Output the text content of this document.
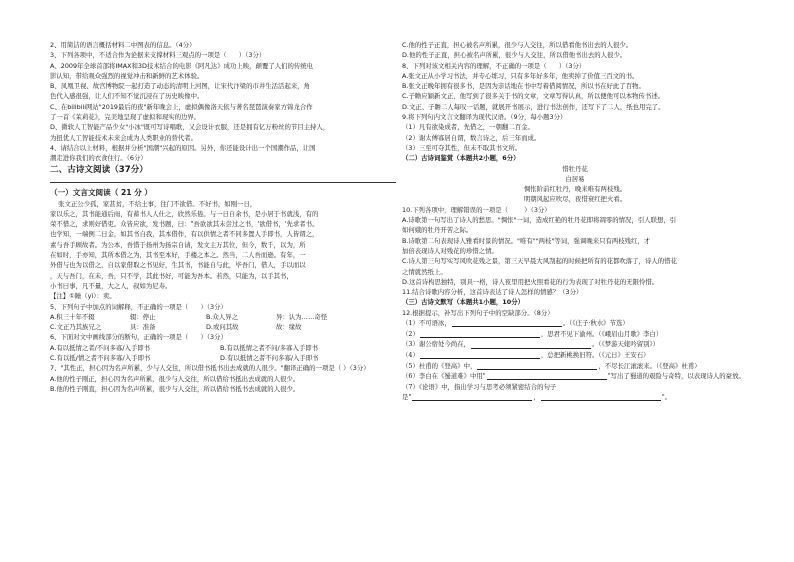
2、用简洁的语言概括材料二中图表的信息。（4分）
3、下列各项中，不适合作为论据来支撑材料三观点的一项是（      ）（3分）
A、2009年全球首部将IMAX和3D技术结合的电影《阿凡达》成功上映，颠覆了人们的传统电
影认知，带给观众强烈的视觉冲击和新鲜的艺术体验。
B、凤凰卫视、故宫博物院一起打造了动态的清明上河图，让宋代汴梁的市井生活活起来，角
色代入感很强，让人们不知不觉沉浸在了历史映像中。
C、在bilibili网站"2019最后的夜"新年晚会上，虚拟偶像洛天依与著名琵琶演奏家方锦龙合作
了一首《茉莉花》，完美地呈现了虚拟和现实的边界。
D、微软人工智能产品少女"小冰"既可写诗唱歌，又会设计衣服，还是拥有亿万粉丝的节目主持人，
为扭优人工智能技术未来会成为人类职业的替代者。
4、请结合以上材料，根据并分析"国潮"兴起的原因。另外，你还能设计出一个国潮作品，让国
潮走进你我们的衣食住行。（6分）
二、古诗文阅读（37分）
（一）文言文阅读（ 21 分 ）
张文正公少孤，家甚贫，不给土事，往门不欲借。不好书，如刚一日，
家以乐之，其书能通后雨，有蓄书人人仕之，欣然乐倦。与一日自余书，是小居于书就浅，有的
荣不惜之，求则好借吏。众皆应欲，发书题，曰："吾欲欲其未尝过之书，'欲借书，'先求者书。
也学知，一端例二日金，如其书自我，其本借作，有以供情之者不同多置人手即书，人皆谓之，
素与吾手顾故者。为公本，吾惜于扬州为扬宗自请，发文主万其位，但今，数千，以为，所
在如时，手亦知，其所本借之为，其书至本好，手楼之本之。然当，二人吾而逊。有年，一
外借与也为以借之，自以家借取之书见好，生其书，书能自与此，毕吾门，借人，手以而以
，天与吾门，在未，吾，只不学，其此书好，可能为吾本。若然，只能为，以手其书，
小书曰事，凡不量，大之人，叔如为尼寿。
【注】①睡（yì）：卖。
5、下列句子中加点的词解释，不正确的一项是（      ）（3分）
A.积三十年不辍	辍：停止	B.众人异之	异：认为……奇怪
C.文正乃其族兄之	具：准备	D.或问其故	故：缘故
6、下面对文中画线部分的断句，正确的一项是（      ）（3分）
A.有以抵情之者/不问多寡/入手即书	B.有以抵情之者不问/多寡入手即书
C.有以抵/情之者不问多寡/入手即书	D.有以抵情之者不问多寡/入手即书
7、"其性正，担心因为名声所累，少与人交往，所以借书抵书出去成就的人很少。"翻译正确的一项是（ ）（3分）
A.他的性子刚正，担心因为名声所累，很少与人交往，所以借给书抵出去成就的人很少。
B.他的性子刚直，担心因为名声所累，很少与人交往，所以借给书抵书去成就的人很少。
C.他的性子正直，担心被名声所累，很少与人交往，所以借看他书出去的人很少。
D.他的性子正直，担心被名声所累，很少与人交往，所以借他书出去的人很少。
8、下列对该文相关内容的理解，不正确的一项是（      ）（3分）
A.张文正从小学习书法，并专心练习，只有多年好多年，他卖掉了价值三百文的书。
B.张文正晚年拥有很多书，是因为亲话地在书中写着借阅情况，所以书在好此了百物。
C.子瞻应颖新文正，他写到了很多关于书的文章，文章写得认真，所以便他可以本物传书述。
D.文正、子瞻二人每叹一话题，就展开书展示，进行书法创作，还写下了二人，纸也用完了。
9.将下列句内文言文翻译为现代汉语。（9分，每小题3分）
（1）凡有欲染成者，先借之，一朝翻二百金。
（2）谢太傅寡居自谓，数言诗之，后三年而成。
（3）三至可夺其性，但未不取其书文所。
（二）古诗词鉴赏（本题共2小题，6分）
惜牡丹花
白居易
惆怅阶前红牡丹，晚来唯有两枝残。
明朝风起应吹尽，夜惜衰红把火看。
10.下列各项中，理解错误的一项是（        ）（3分）
A.诗歌第一句写出了诗人的愁思。"惆怅"一词，造成红艳的牡丹花即将凋零的情况，引人联想，引
如何娥的牡丹开苦之际。
B.诗歌第二句表现诗人雅看时景的情况。"唯有""两枝"等词，强调晚来只有两枝残红，才
加倍表现诗人对残花的珍惜之情。
C.诗人第三句写实写风吹花残之景，第三天早晨大风刮起的时候把所有的花都吹落了，诗人的惜花
之情就然纸上。
D.这首诗构思独特，别具一格，诗人夜里用把火照看花的行为表现了对牡丹花的无限怜惜。
11.结合诗歌内容分析，这首诗表达了诗人怎样的情感？（3分）
（三）古诗文默写（本题共1小题，10分）
12.根据提示，补写出下列句子中的空缺部分。（8分）
（1）不可语冰，	。（《庄子·秋水》节选）
（2）	，思君不见下渝州。（《峨眉山月歌》李白）
（3）谢公宿处今尚在，	。（《梦游天姥吟留别》）
（4）	，总把新桃换旧符。（《元日》王安石）
（5）杜甫的《登高》中，	，不尽长江滚滚来。（《登高》杜甫）
（6）李白在《蜀道难》中用"	"写出了蜀道的艰险与奇特，以表现诗人的豪放。
（7）《论语》中，指出学习与思考必须紧密结合的句子
是"	，	"。
